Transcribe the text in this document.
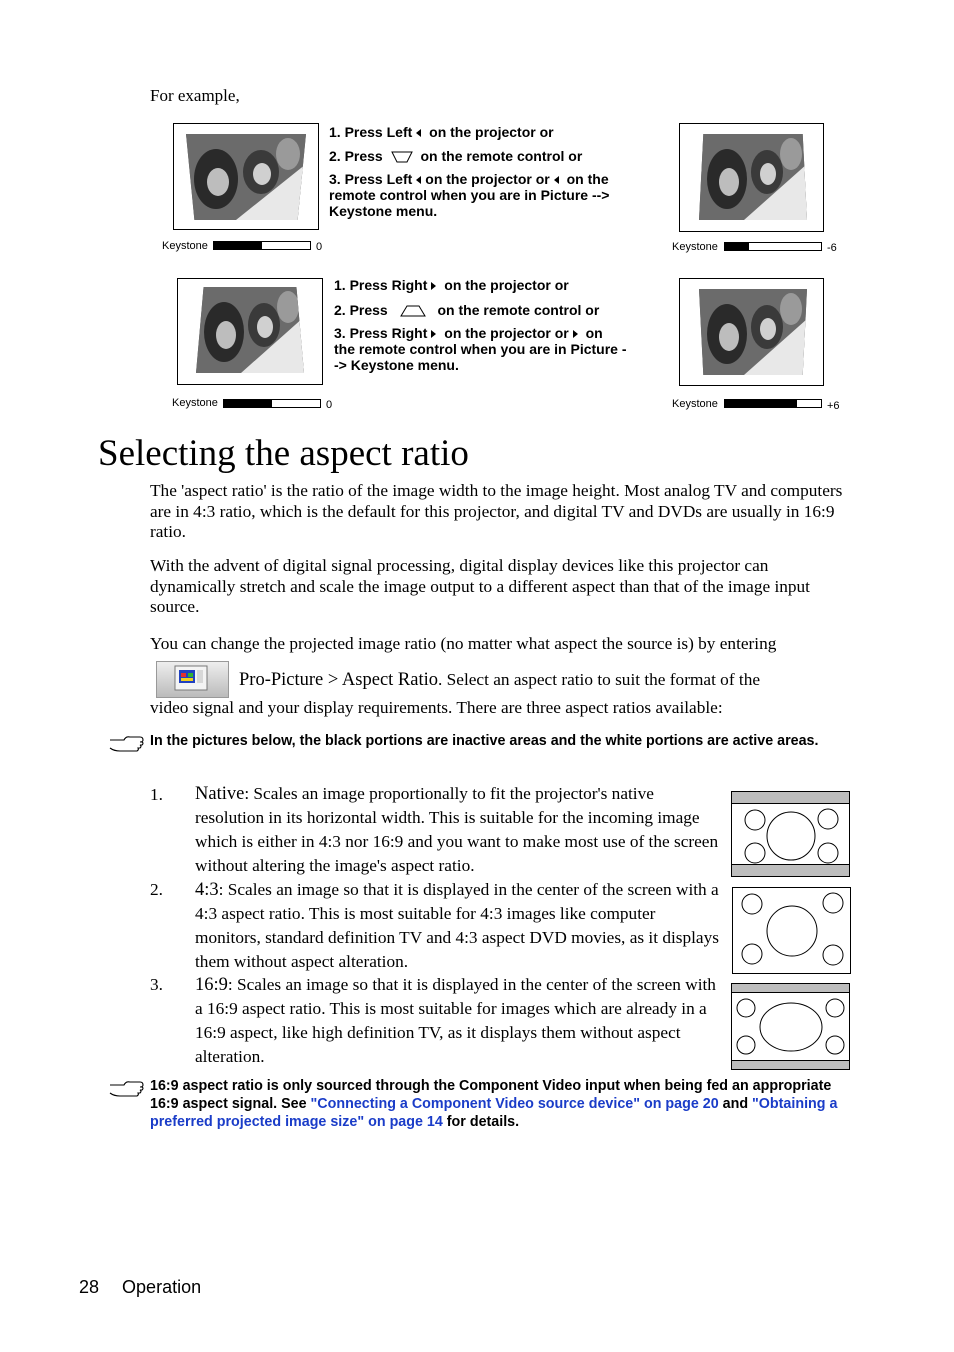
For example,
Keystone	0
1. Press Left on the projector or
2. Press	on the remote control or
3. Press Left on the projector or on the
remote control when you are in Picture -->
Keystone menu.
Keystone	-6
Keystone	0
1. Press Right on the projector or
2. Press	on the remote control or
3. Press Right on the projector or on
the remote control when you are in Picture -
-> Keystone menu.
Keystone	+6
Selecting the aspect ratio
The 'aspect ratio' is the ratio of the image width to the image height. Most analog TV and computers are in 4:3 ratio, which is the default for this projector, and digital TV and DVDs are usually in 16:9 ratio.
With the advent of digital signal processing, digital display devices like this projector can dynamically stretch and scale the image output to a different aspect than that of the image input source.
You can change the projected image ratio (no matter what aspect the source is) by entering
Pro-Picture > Aspect Ratio. Select an aspect ratio to suit the format of the
video signal and your display requirements. There are three aspect ratios available:
In the pictures below, the black portions are inactive areas and the white portions are active areas.
1. Native: Scales an image proportionally to fit the projector's native resolution in its horizontal width. This is suitable for the incoming image which is either in 4:3 nor 16:9 and you want to make most use of the screen without altering the image's aspect ratio.
2. 4:3: Scales an image so that it is displayed in the center of the screen with a 4:3 aspect ratio. This is most suitable for 4:3 images like computer monitors, standard definition TV and 4:3 aspect DVD movies, as it displays them without aspect alteration.
3. 16:9: Scales an image so that it is displayed in the center of the screen with a 16:9 aspect ratio. This is most suitable for images which are already in a 16:9 aspect, like high definition TV, as it displays them without aspect alteration.
16:9 aspect ratio is only sourced through the Component Video input when being fed an appropriate 16:9 aspect signal. See "Connecting a Component Video source device" on page 20 and "Obtaining a preferred projected image size" on page 14 for details.
28 Operation
